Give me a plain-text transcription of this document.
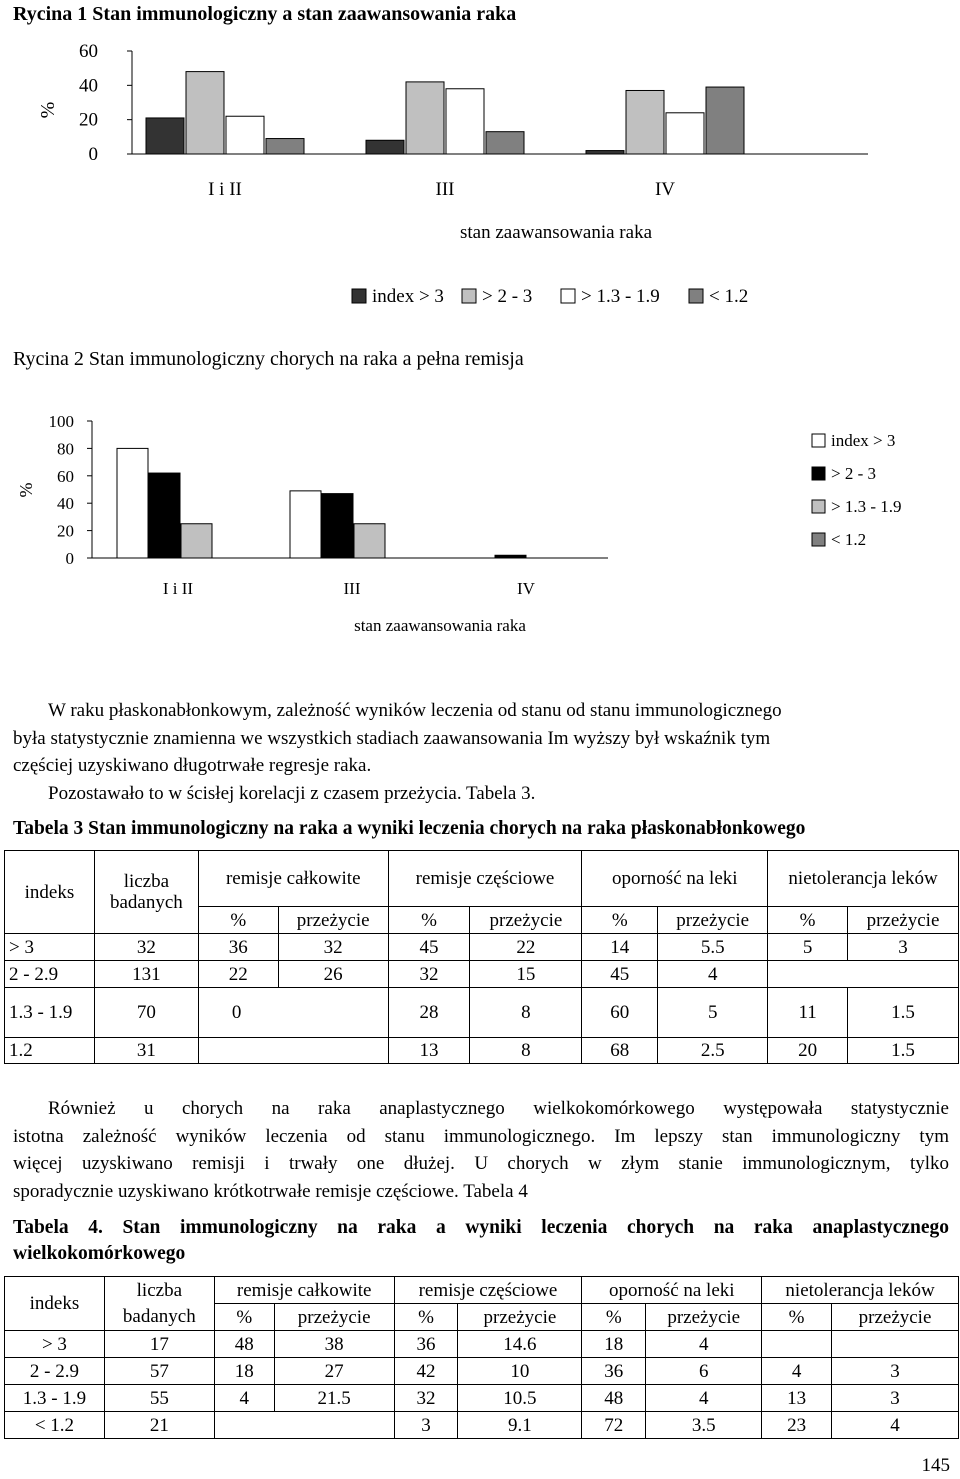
Rycina 1 Stan immunologiczny a stan zaawansowania raka
%
60
40
20
0
I i II	III	IV
stan zaawansowania raka
index > 3 > 2 - 3	> 1.3 - 1.9	< 1.2
Rycina 2 Stan immunologiczny chorych na raka a pełna remisja
%
100
80
60
40
20
0
I i II	III	IV
stan zaawansowania raka
index > 3
> 2 - 3
> 1.3 - 1.9
< 1.2
W raku płaskonabłonkowym, zależność wyników leczenia od stanu od stanu immunologicznego
była statystycznie znamienna we wszystkich stadiach zaawansowania Im wyższy był wskaźnik tym
częściej uzyskiwano długotrwałe regresje raka.
Pozostawało to w ścisłej korelacji z czasem przeżycia. Tabela 3.
Tabela 3 Stan immunologiczny na raka a wyniki leczenia chorych na raka płaskonabłonkowego
indeks	liczba badanych	remisje całkowite		remisje częściowe		oporność na leki		nietolerancja leków	
		%	przeżycie	%	przeżycie	%	przeżycie	%	przeżycie
> 3	32	36	32	45	22	14	5.5	5	3
2 - 2.9	131	22	26	32	15	45	4		
1.3 - 1.9	70	0		28	8	60	5	11	1.5
1.2	31			13	8	68	2.5	20	1.5
Również u chorych na raka anaplastycznego wielkokomórkowego występowała statystycznie
istotna zależność wyników leczenia od stanu immunologicznego. Im lepszy stan immunologiczny tym
więcej uzyskiwano remisji i trwały one dłużej. U chorych w złym stanie immunologicznym, tylko
sporadycznie uzyskiwano krótkotrwałe remisje częściowe. Tabela 4
Tabela 4. Stan immunologiczny na raka a wyniki leczenia chorych na raka anaplastycznego
wielkokomórkowego
indeks	liczba	remisje całkowite		remisje częściowe		oporność na leki		nietolerancja leków	
	badanych	%	przeżycie	%	przeżycie	%	przeżycie	%	przeżycie
> 3	17	48	38	36	14.6	18	4		
2 - 2.9	57	18	27	42	10	36	6	4	3
1.3 - 1.9	55	4	21.5	32	10.5	48	4	13	3
< 1.2	21			3	9.1	72	3.5	23	4
145
